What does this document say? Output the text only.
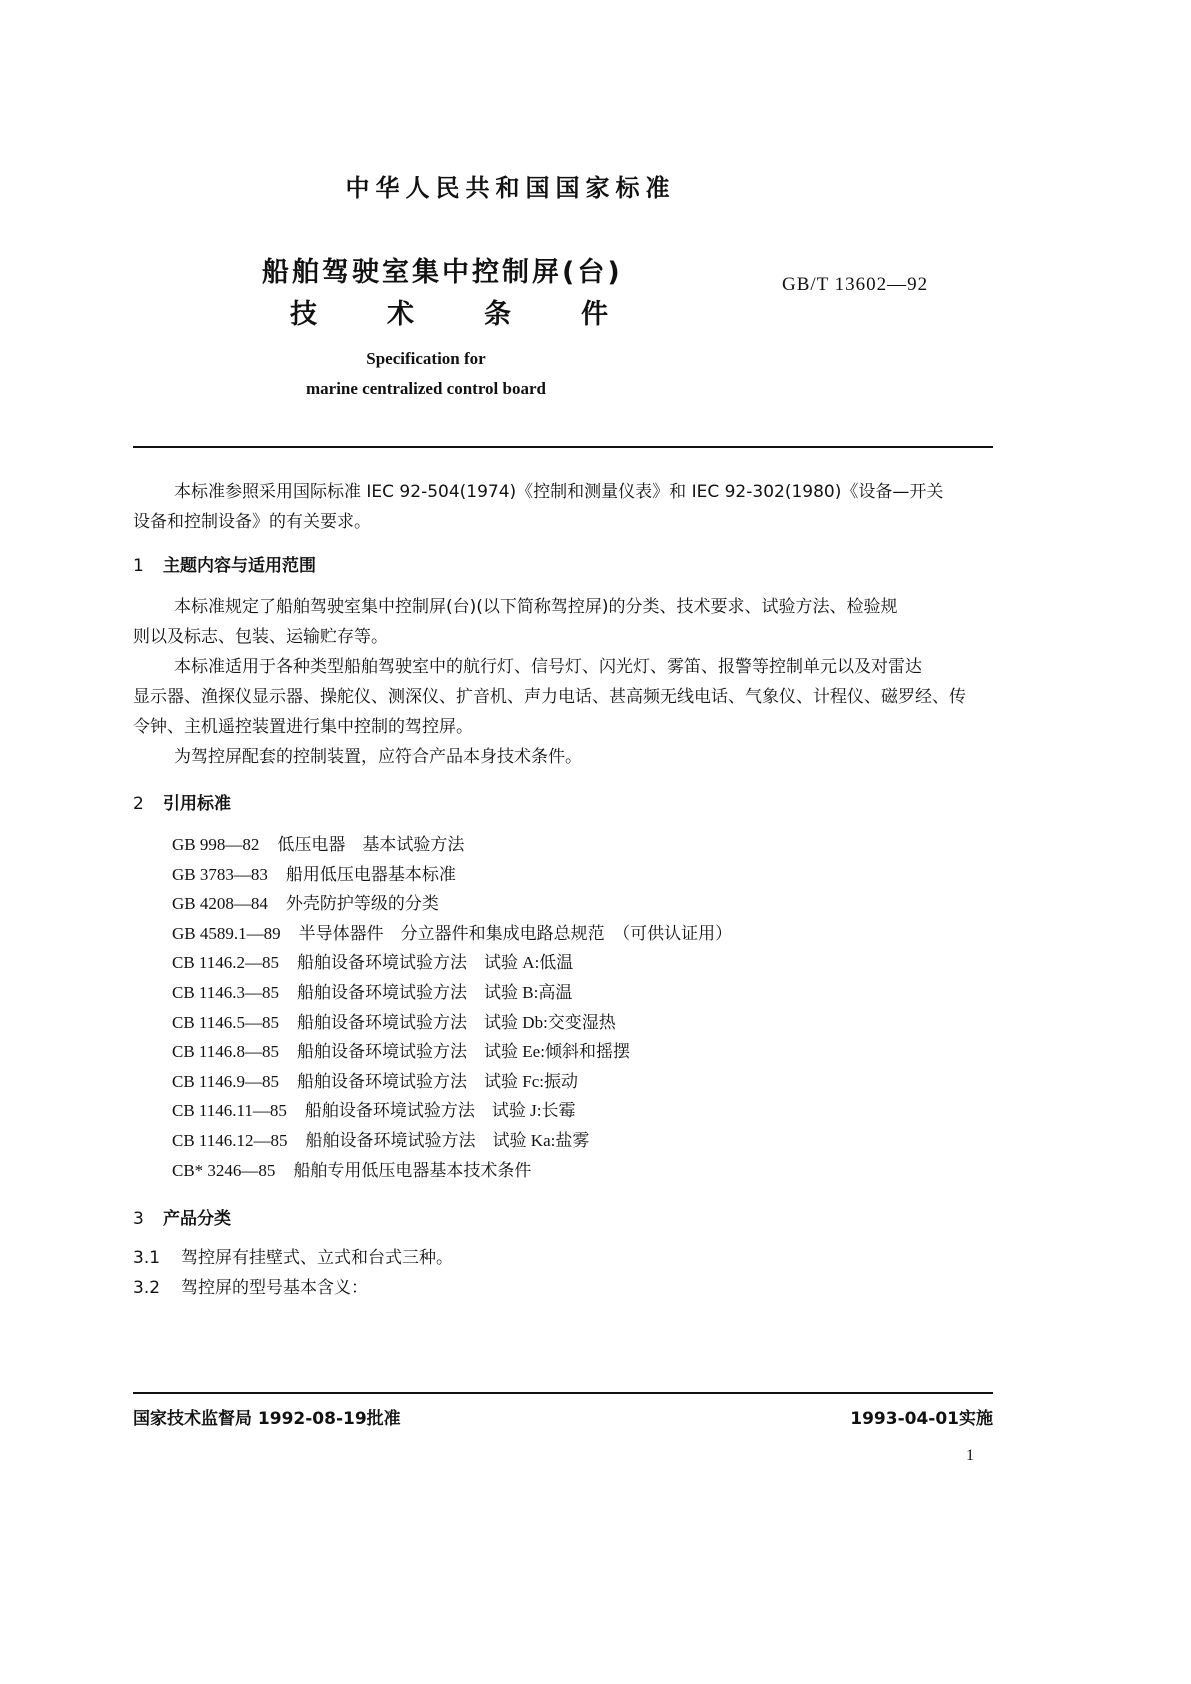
中华人民共和国国家标准
船舶驾驶室集中控制屏(台)
技术条件
GB/T 13602—92
Specification for
marine centralized control board
本标准参照采用国际标准 IEC 92-504(1974)《控制和测量仪表》和 IEC 92-302(1980)《设备—开关
设备和控制设备》的有关要求。
1 主题内容与适用范围
本标准规定了船舶驾驶室集中控制屏(台)(以下简称驾控屏)的分类、技术要求、试验方法、检验规
则以及标志、包装、运输贮存等。
本标准适用于各种类型船舶驾驶室中的航行灯、信号灯、闪光灯、雾笛、报警等控制单元以及对雷达
显示器、渔探仪显示器、操舵仪、测深仪、扩音机、声力电话、甚高频无线电话、气象仪、计程仪、磁罗经、传
令钟、主机遥控装置进行集中控制的驾控屏。
为驾控屏配套的控制装置，应符合产品本身技术条件。
2 引用标准
GB 998—82 低压电器　基本试验方法
GB 3783—83 船用低压电器基本标准
GB 4208—84 外壳防护等级的分类
GB 4589.1—89 半导体器件　分立器件和集成电路总规范　（可供认证用）
CB 1146.2—85 船舶设备环境试验方法　试验 A:低温
CB 1146.3—85 船舶设备环境试验方法　试验 B:高温
CB 1146.5—85 船舶设备环境试验方法　试验 Db:交变湿热
CB 1146.8—85 船舶设备环境试验方法　试验 Ee:倾斜和摇摆
CB 1146.9—85 船舶设备环境试验方法　试验 Fc:振动
CB 1146.11—85 船舶设备环境试验方法　试验 J:长霉
CB 1146.12—85 船舶设备环境试验方法　试验 Ka:盐雾
CB* 3246—85 船舶专用低压电器基本技术条件
3 产品分类
3.1 驾控屏有挂壁式、立式和台式三种。
3.2 驾控屏的型号基本含义：
国家技术监督局 1992-08-19批准	1993-04-01实施
1
